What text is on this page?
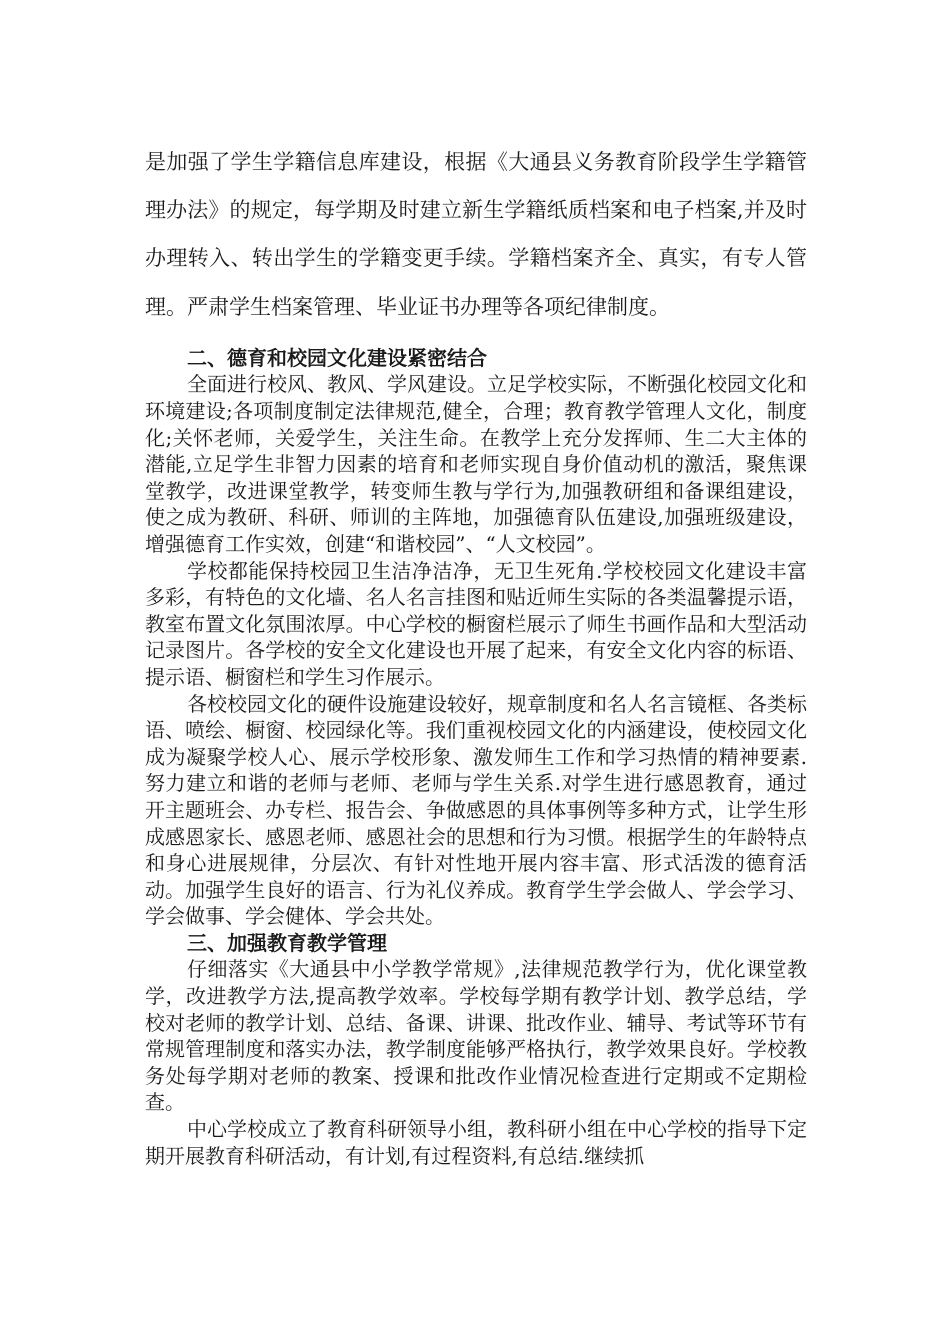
是加强了学生学籍信息库建设，根据《大通县义务教育阶段学生学籍管理办法》的规定，每学期及时建立新生学籍纸质档案和电子档案,并及时办理转入、转出学生的学籍变更手续。学籍档案齐全、真实，有专人管理。严肃学生档案管理、毕业证书办理等各项纪律制度。

二、德育和校园文化建设紧密结合

全面进行校风、教风、学风建设。立足学校实际，不断强化校园文化和环境建设;各项制度制定法律规范,健全，合理；教育教学管理人文化，制度化;关怀老师，关爱学生，关注生命。在教学上充分发挥师、生二大主体的潜能,立足学生非智力因素的培育和老师实现自身价值动机的激活，聚焦课堂教学，改进课堂教学，转变师生教与学行为,加强教研组和备课组建设，使之成为教研、科研、师训的主阵地，加强德育队伍建设,加强班级建设，增强德育工作实效，创建“和谐校园”、“人文校园”。

学校都能保持校园卫生洁净洁净，无卫生死角.学校校园文化建设丰富多彩，有特色的文化墙、名人名言挂图和贴近师生实际的各类温馨提示语，教室布置文化氛围浓厚。中心学校的橱窗栏展示了师生书画作品和大型活动记录图片。各学校的安全文化建设也开展了起来，有安全文化内容的标语、提示语、橱窗栏和学生习作展示。

各校校园文化的硬件设施建设较好，规章制度和名人名言镜框、各类标语、喷绘、橱窗、校园绿化等。我们重视校园文化的内涵建设，使校园文化成为凝聚学校人心、展示学校形象、激发师生工作和学习热情的精神要素.努力建立和谐的老师与老师、老师与学生关系.对学生进行感恩教育，通过开主题班会、办专栏、报告会、争做感恩的具体事例等多种方式，让学生形成感恩家长、感恩老师、感恩社会的思想和行为习惯。根据学生的年龄特点和身心进展规律，分层次、有针对性地开展内容丰富、形式活泼的德育活动。加强学生良好的语言、行为礼仪养成。教育学生学会做人、学会学习、学会做事、学会健体、学会共处。

三、加强教育教学管理

仔细落实《大通县中小学教学常规》,法律规范教学行为，优化课堂教学，改进教学方法,提高教学效率。学校每学期有教学计划、教学总结，学校对老师的教学计划、总结、备课、讲课、批改作业、辅导、考试等环节有常规管理制度和落实办法，教学制度能够严格执行，教学效果良好。学校教务处每学期对老师的教案、授课和批改作业情况检查进行定期或不定期检查。

中心学校成立了教育科研领导小组，教科研小组在中心学校的指导下定期开展教育科研活动，有计划,有过程资料,有总结.继续抓
